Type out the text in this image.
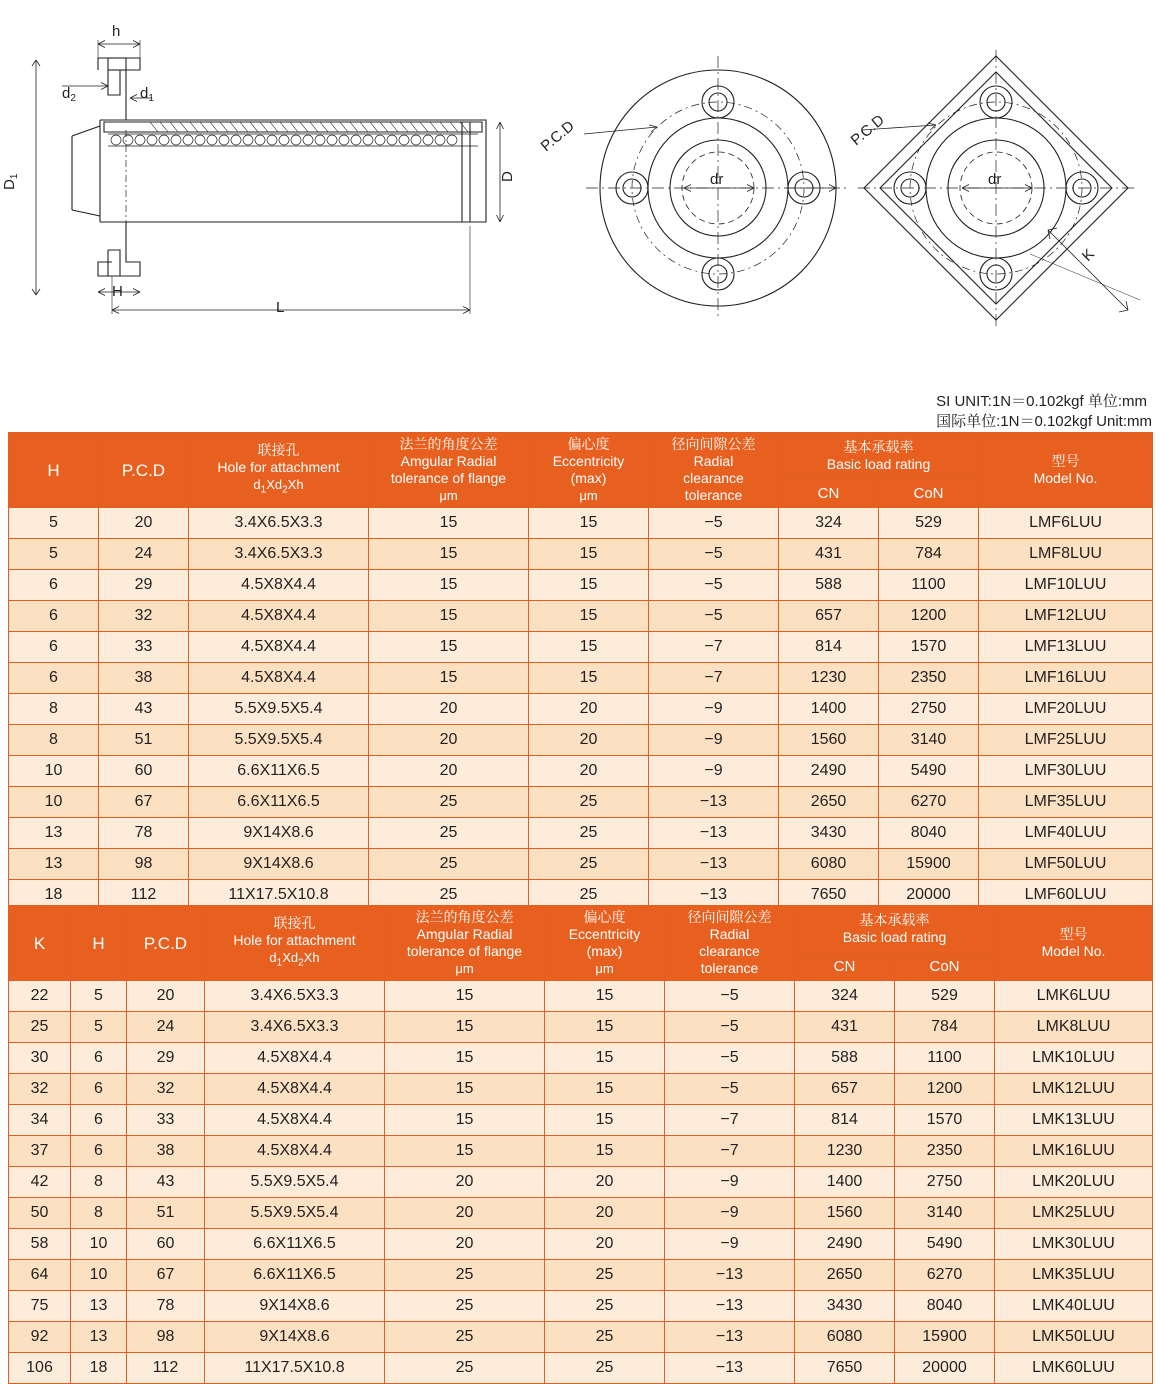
h
$d_2$	$d_1$
$D_1$	D
H
L
P.C.D
dr
P.C.D
dr
K
SI UNIT:1N＝0.102kgf 单位:mm
国际单位:1N＝0.102kgf Unit:mm
H	P.C.D	联接孔
Hole for attachment
$d_1Xd_2Xh$	法兰的角度公差
Amgular Radial
tolerance of flange
μm	偏心度
Eccentricity
(max)
μm	径向间隙公差
Radial
clearance
tolerance	基本承载率
Basic load rating		型号
Model No.

						CN	CoN	
5	20	3.4X6.5X3.3	15	15	−5	324	529	LMF6LUU
5	24	3.4X6.5X3.3	15	15	−5	431	784	LMF8LUU
6	29	4.5X8X4.4	15	15	−5	588	1100	LMF10LUU
6	32	4.5X8X4.4	15	15	−5	657	1200	LMF12LUU
6	33	4.5X8X4.4	15	15	−7	814	1570	LMF13LUU
6	38	4.5X8X4.4	15	15	−7	1230	2350	LMF16LUU
8	43	5.5X9.5X5.4	20	20	−9	1400	2750	LMF20LUU
8	51	5.5X9.5X5.4	20	20	−9	1560	3140	LMF25LUU
10	60	6.6X11X6.5	20	20	−9	2490	5490	LMF30LUU
10	67	6.6X11X6.5	25	25	−13	2650	6270	LMF35LUU
13	78	9X14X8.6	25	25	−13	3430	8040	LMF40LUU
13	98	9X14X8.6	25	25	−13	6080	15900	LMF50LUU
18	112	11X17.5X10.8	25	25	−13	7650	20000	LMF60LUU
K	H	P.C.D	联接孔
Hole for attachment
$d_1Xd_2Xh$	法兰的角度公差
Amgular Radial
tolerance of flange
μm	偏心度
Eccentricity
(max)
μm	径向间隙公差
Radial
clearance
tolerance	基本承载率
Basic load rating		型号
Model No.

							CN	CoN	
22	5	20	3.4X6.5X3.3	15	15	−5	324	529	LMK6LUU
25	5	24	3.4X6.5X3.3	15	15	−5	431	784	LMK8LUU
30	6	29	4.5X8X4.4	15	15	−5	588	1100	LMK10LUU
32	6	32	4.5X8X4.4	15	15	−5	657	1200	LMK12LUU
34	6	33	4.5X8X4.4	15	15	−7	814	1570	LMK13LUU
37	6	38	4.5X8X4.4	15	15	−7	1230	2350	LMK16LUU
42	8	43	5.5X9.5X5.4	20	20	−9	1400	2750	LMK20LUU
50	8	51	5.5X9.5X5.4	20	20	−9	1560	3140	LMK25LUU
58	10	60	6.6X11X6.5	20	20	−9	2490	5490	LMK30LUU
64	10	67	6.6X11X6.5	25	25	−13	2650	6270	LMK35LUU
75	13	78	9X14X8.6	25	25	−13	3430	8040	LMK40LUU
92	13	98	9X14X8.6	25	25	−13	6080	15900	LMK50LUU
106	18	112	11X17.5X10.8	25	25	−13	7650	20000	LMK60LUU
